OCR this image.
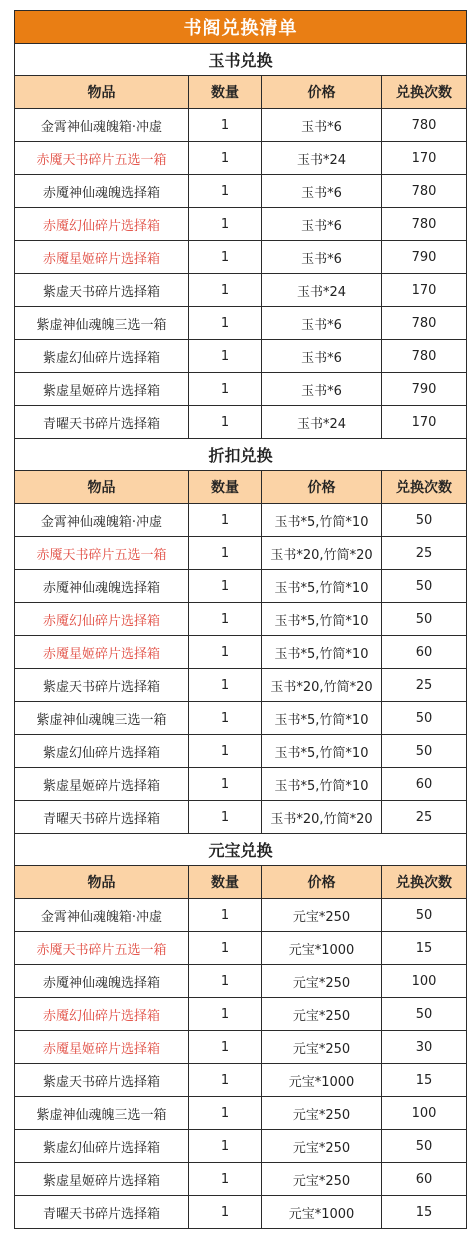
书阁兑换清单			
玉书兑换			
物品	数量	价格	兑换次数
金霄神仙魂魄箱·冲虚	1	玉书*6	780
赤魇天书碎片五选一箱	1	玉书*24	170
赤魇神仙魂魄选择箱	1	玉书*6	780
赤魇幻仙碎片选择箱	1	玉书*6	780
赤魇星姬碎片选择箱	1	玉书*6	790
紫虚天书碎片选择箱	1	玉书*24	170
紫虚神仙魂魄三选一箱	1	玉书*6	780
紫虚幻仙碎片选择箱	1	玉书*6	780
紫虚星姬碎片选择箱	1	玉书*6	790
青曜天书碎片选择箱	1	玉书*24	170
折扣兑换			
物品	数量	价格	兑换次数
金霄神仙魂魄箱·冲虚	1	玉书*5,竹简*10	50
赤魇天书碎片五选一箱	1	玉书*20,竹简*20	25
赤魇神仙魂魄选择箱	1	玉书*5,竹简*10	50
赤魇幻仙碎片选择箱	1	玉书*5,竹简*10	50
赤魇星姬碎片选择箱	1	玉书*5,竹简*10	60
紫虚天书碎片选择箱	1	玉书*20,竹简*20	25
紫虚神仙魂魄三选一箱	1	玉书*5,竹简*10	50
紫虚幻仙碎片选择箱	1	玉书*5,竹简*10	50
紫虚星姬碎片选择箱	1	玉书*5,竹简*10	60
青曜天书碎片选择箱	1	玉书*20,竹简*20	25
元宝兑换			
物品	数量	价格	兑换次数
金霄神仙魂魄箱·冲虚	1	元宝*250	50
赤魇天书碎片五选一箱	1	元宝*1000	15
赤魇神仙魂魄选择箱	1	元宝*250	100
赤魇幻仙碎片选择箱	1	元宝*250	50
赤魇星姬碎片选择箱	1	元宝*250	30
紫虚天书碎片选择箱	1	元宝*1000	15
紫虚神仙魂魄三选一箱	1	元宝*250	100
紫虚幻仙碎片选择箱	1	元宝*250	50
紫虚星姬碎片选择箱	1	元宝*250	60
青曜天书碎片选择箱	1	元宝*1000	15
